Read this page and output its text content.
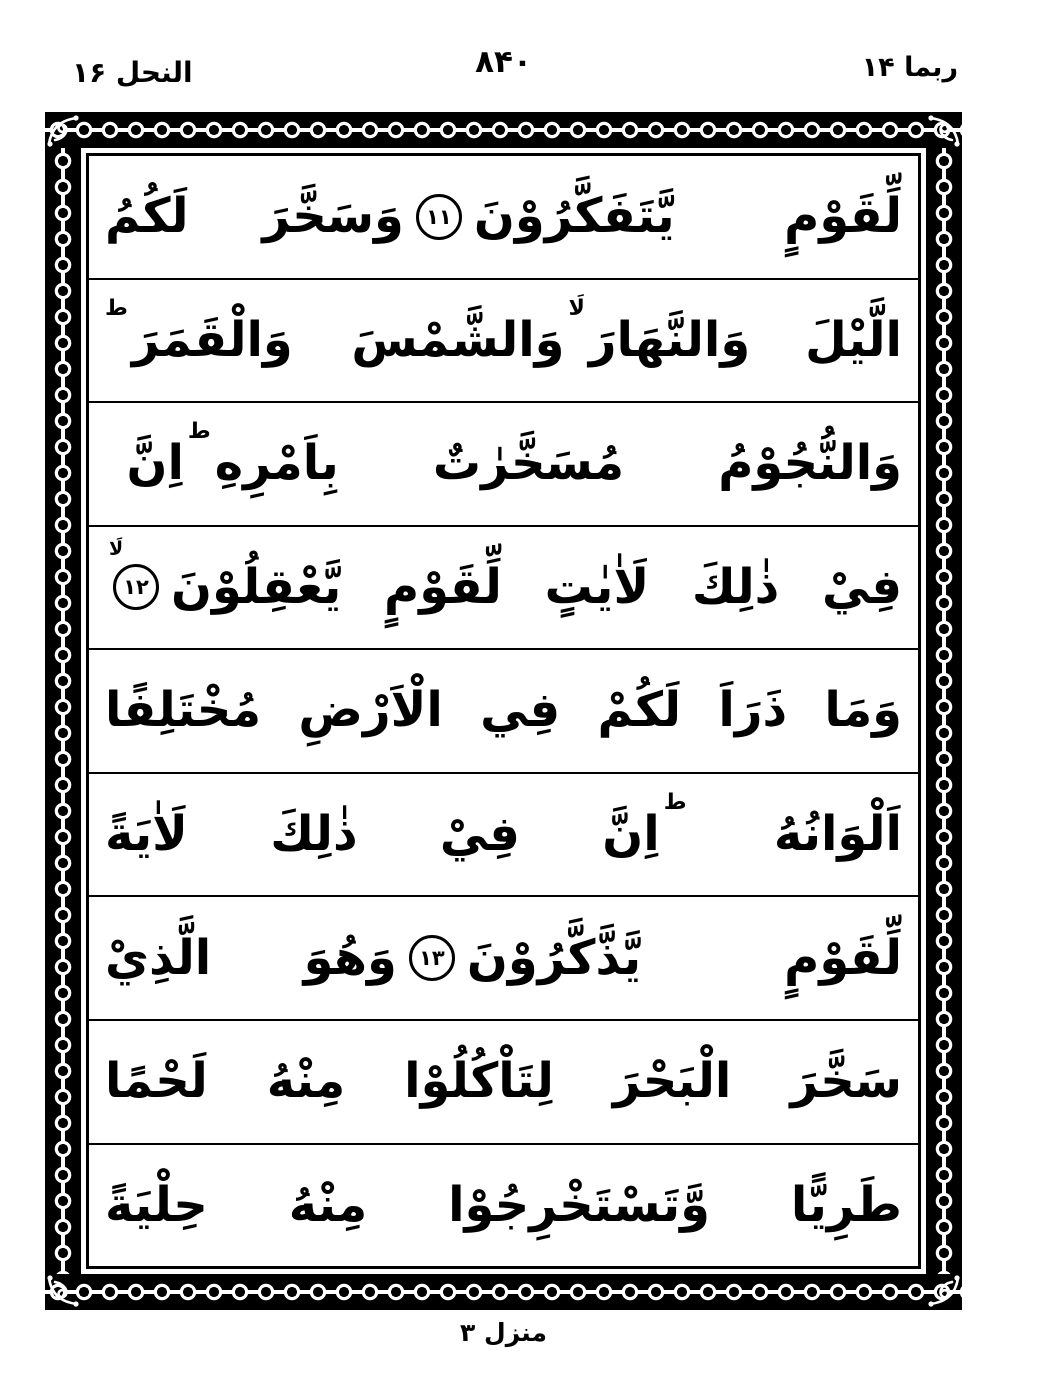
النحل ۱۶	۸۴۰	ربما ۱۴
لِّقَوْمٍ يَّتَفَكَّرُوْنَ
۱۱
وَسَخَّرَ لَكُمُ
الَّيْلَ وَالنَّهَارَ
لَا
وَالشَّمْسَ وَالْقَمَرَ
ط
وَالنُّجُوْمُ مُسَخَّرٰتٌ بِاَمْرِهِ
ط
اِنَّ
فِيْ ذٰلِكَ لَاٰيٰتٍ لِّقَوْمٍ يَّعْقِلُوْنَ
لَا
۱۲
وَمَا ذَرَاَ لَكُمْ فِي الْاَرْضِ مُخْتَلِفًا
اَلْوَانُهُ
ط
اِنَّ فِيْ ذٰلِكَ لَاٰيَةً
لِّقَوْمٍ يَّذَّكَّرُوْنَ
۱۳
وَهُوَ الَّذِيْ
سَخَّرَ الْبَحْرَ لِتَاْكُلُوْا مِنْهُ لَحْمًا
طَرِيًّا وَّتَسْتَخْرِجُوْا مِنْهُ حِلْيَةً
منزل ۳
